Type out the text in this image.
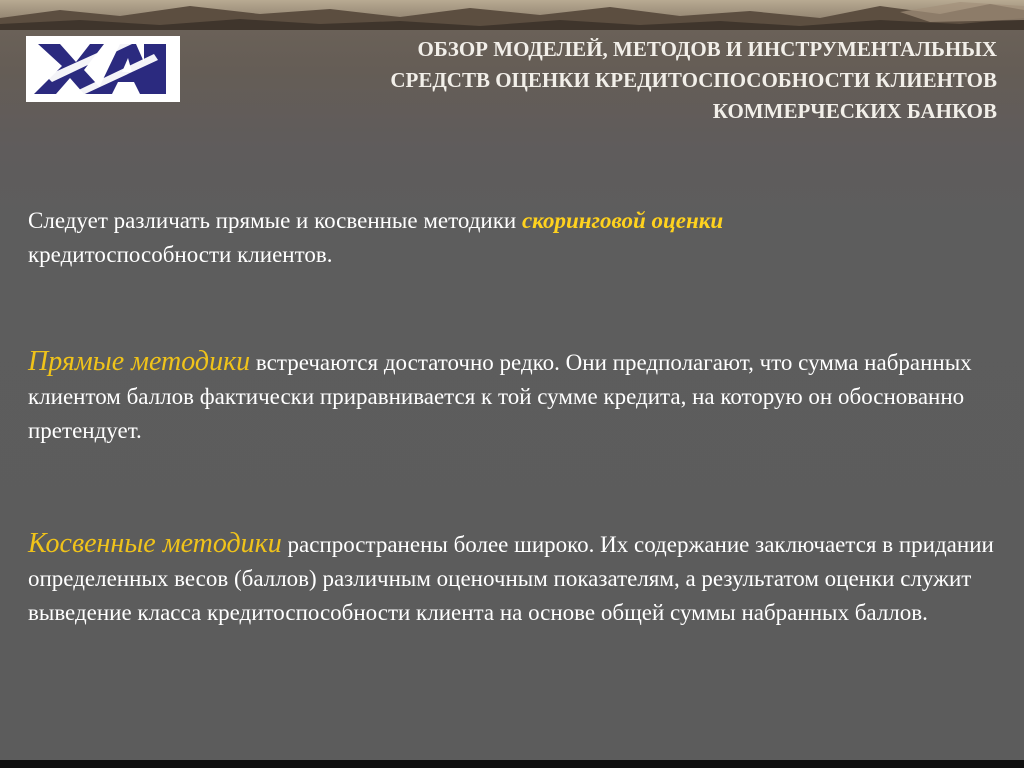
ОБЗОР МОДЕЛЕЙ, МЕТОДОВ И ИНСТРУМЕНТАЛЬНЫХ
СРЕДСТВ ОЦЕНКИ КРЕДИТОСПОСОБНОСТИ КЛИЕНТОВ
КОММЕРЧЕСКИХ БАНКОВ
Следует различать прямые и косвенные методики скоринговой оценки
кредитоспособности клиентов.
Прямые методики встречаются достаточно редко. Они предполагают, что сумма набранных клиентом баллов фактически приравнивается к той сумме кредита, на которую он обоснованно претендует.
Косвенные методики распространены более широко. Их содержание заключается в придании определенных весов (баллов) различным оценочным показателям, а результатом оценки служит выведение класса кредитоспособности клиента на основе общей суммы набранных баллов.
